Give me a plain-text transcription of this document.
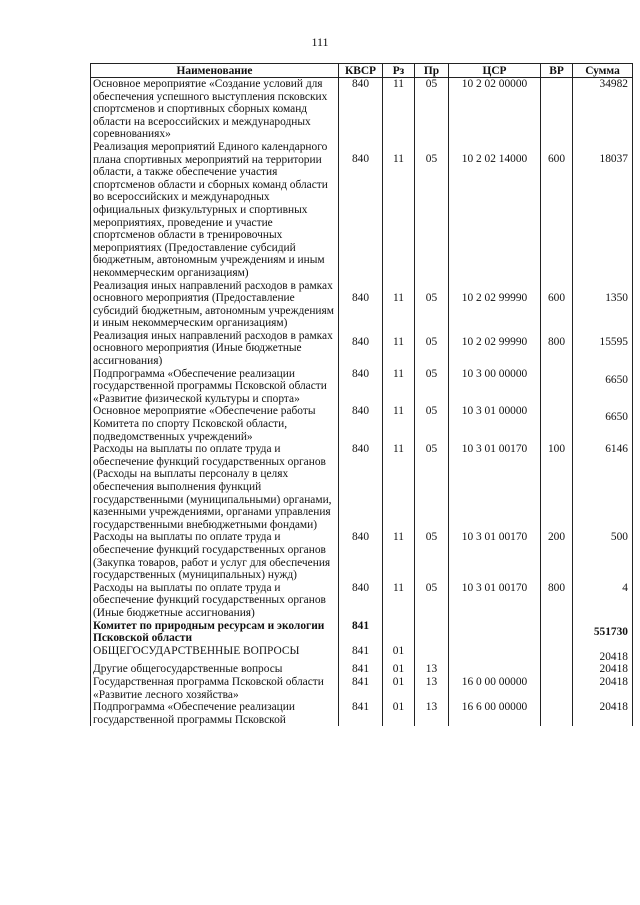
111
Наименование	КВСР	Рз	Пр	ЦСР	ВР	Сумма
Основное мероприятие «Создание условий для обеспечения успешного выступления псковских спортсменов и спортивных сборных команд области на всероссийских и международных соревнованиях»	840	11	05	10 2 02 00000		34982

Реализация мероприятий Единого календарного плана спортивных мероприятий на территории области, а также обеспечение участия спортсменов области и сборных команд области во всероссийских и международных официальных физкультурных и спортивных мероприятиях, проведение и участие спортсменов области в тренировочных мероприятиях (Предоставление субсидий бюджетным, автономным учреждениям и иным некоммерческим организациям)	840	11	05	10 2 02 14000	600	18037

Реализация иных направлений расходов в рамках основного мероприятия (Предоставление субсидий бюджетным, автономным учреждениям и иным некоммерческим организациям)	840	11	05	10 2 02 99990	600	1350

Реализация иных направлений расходов в рамках основного мероприятия (Иные бюджетные ассигнования)	840	11	05	10 2 02 99990	800	15595

Подпрограмма «Обеспечение реализации государственной программы Псковской области «Развитие физической культуры и спорта»	840	11	05	10 3 00 00000		6650

Основное мероприятие «Обеспечение работы Комитета по спорту Псковской области, подведомственных учреждений»	840	11	05	10 3 01 00000		6650

Расходы на выплаты по оплате труда и обеспечение функций государственных органов (Расходы на выплаты персоналу в целях обеспечения выполнения функций государственными (муниципальными) органами, казенными учреждениями, органами управления государственными внебюджетными фондами)	840	11	05	10 3 01 00170	100	6146
Расходы на выплаты по оплате труда и обеспечение функций государственных органов (Закупка товаров, работ и услуг для обеспечения государственных (муниципальных) нужд)	840	11	05	10 3 01 00170	200	500
Расходы на выплаты по оплате труда и обеспечение функций государственных органов (Иные бюджетные ассигнования)	840	11	05	10 3 01 00170	800	4
Комитет по природным ресурсам и экологии Псковской области	841					551730

ОБЩЕГОСУДАРСТВЕННЫЕ ВОПРОСЫ	841	01				20418

Другие общегосударственные вопросы	841	01	13			20418
Государственная программа Псковской области «Развитие лесного хозяйства»	841	01	13	16 0 00 00000		20418
Подпрограмма «Обеспечение реализации государственной программы Псковской	841	01	13	16 6 00 00000		20418
